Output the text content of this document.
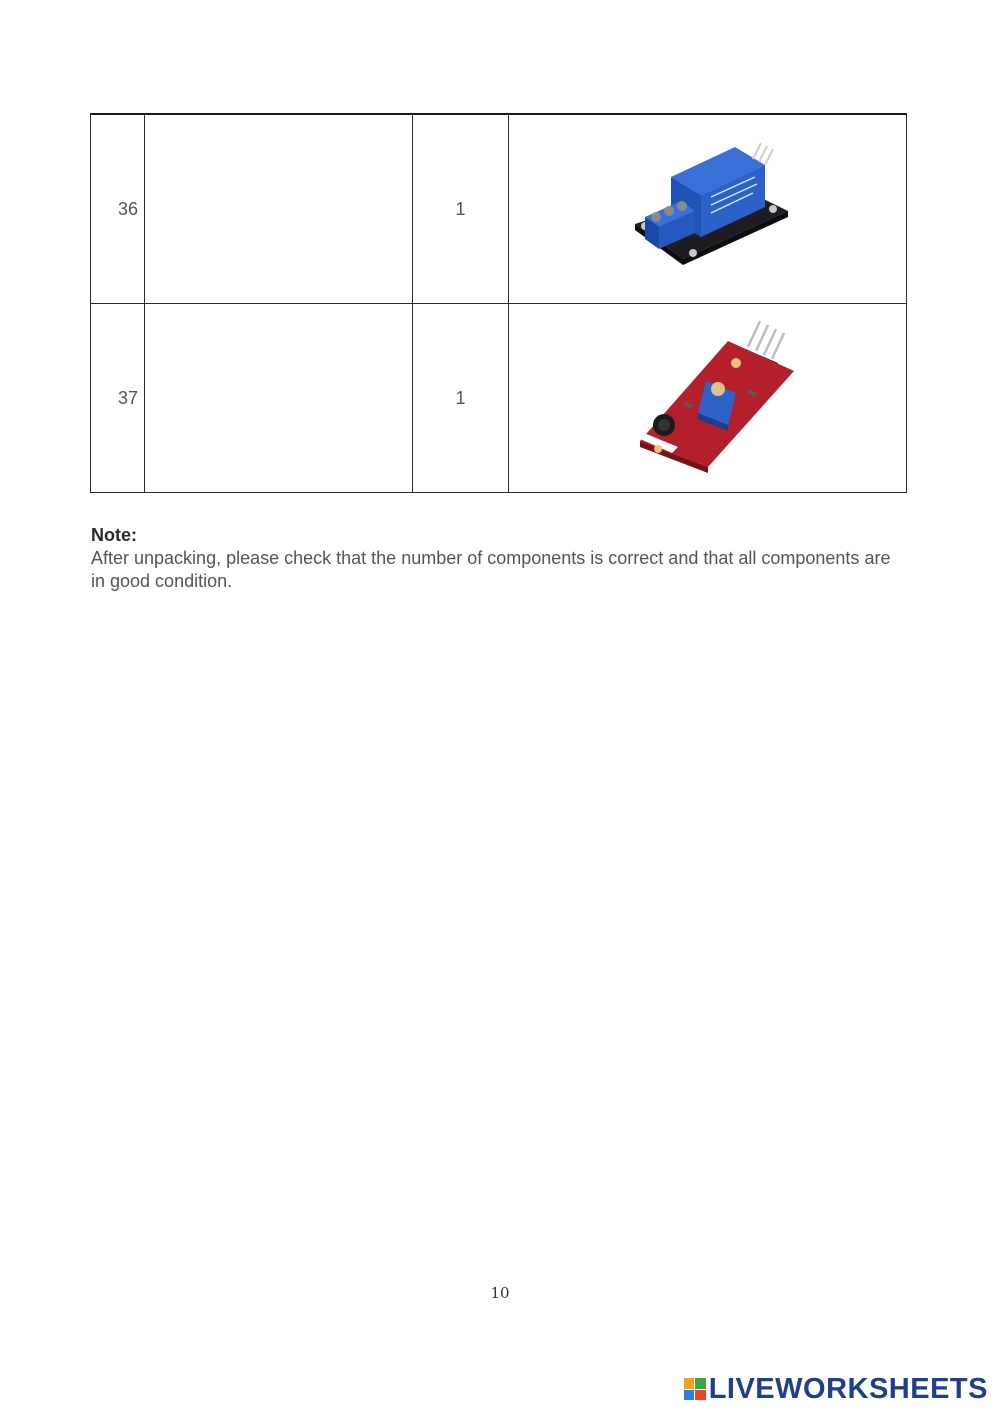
36		1	

37		1	
Note:
After unpacking, please check that the number of components is correct and that all components are in good condition.
10
LIVEWORKSHEETS
